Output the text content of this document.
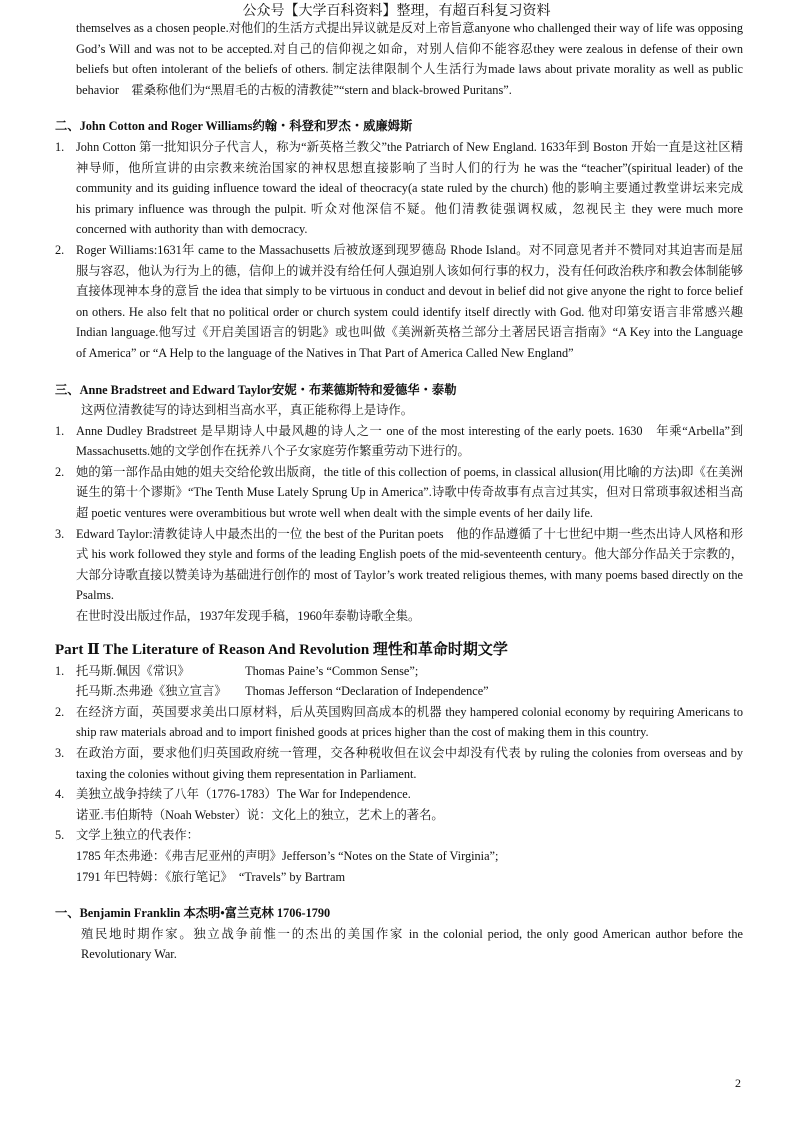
公众号【大学百科资料】整理，有超百科复习资料

themselves as a chosen people.对他们的生活方式提出异议就是反对上帝旨意anyone who challenged their way of life was opposing God’s Will and was not to be accepted.对自己的信仰视之如命，对别人信仰不能容忍they were zealous in defense of their own beliefs but often intolerant of the beliefs of others. 制定法律限制个人生活行为made laws about private morality as well as public behavior　霍桑称他们为“黑眉毛的古板的清教徒”“stern and black-browed Puritans”.

二、John Cotton and Roger Williams约翰・科登和罗杰・威廉姆斯

1. John Cotton 第一批知识分子代言人，称为“新英格兰教父”the Patriarch of New England. 1633年到 Boston 开始一直是这社区精神导师，他所宣讲的由宗教来统治国家的神权思想直接影响了当时人们的行为 he was the “teacher”(spiritual leader) of the community and its guiding influence toward the ideal of theocracy(a state ruled by the church) 他的影响主要通过教堂讲坛来完成 his primary influence was through the pulpit. 听众对他深信不疑。他们清教徒强调权威，忽视民主 they were much more concerned with authority than with democracy.
2. Roger Williams:1631年 came to the Massachusetts 后被放逐到现罗德岛 Rhode Island。对不同意见者并不赞同对其迫害而是屈服与容忍，他认为行为上的德，信仰上的诚并没有给任何人强迫别人该如何行事的权力，没有任何政治秩序和教会体制能够直接体现神本身的意旨 the idea that simply to be virtuous in conduct and devout in belief did not give anyone the right to force belief on others. He also felt that no political order or church system could identify itself directly with God. 他对印第安语言非常感兴趣 Indian language.他写过《开启美国语言的钥匙》或也叫做《美洲新英格兰部分土著居民语言指南》“A Key into the Language of America” or “A Help to the language of the Natives in That Part of America Called New England”

三、Anne Bradstreet and Edward Taylor安妮・布莱德斯特和爱德华・泰勒

这两位清教徒写的诗达到相当高水平，真正能称得上是诗作。

1. Anne Dudley Bradstreet 是早期诗人中最风趣的诗人之一 one of the most interesting of the early poets. 1630　年乘“Arbella”到 Massachusetts.她的文学创作在抚养八个子女家庭劳作繁重劳动下进行的。
2. 她的第一部作品由她的姐夫交给伦敦出版商，the title of this collection of poems, in classical allusion(用比喻的方法)即《在美洲诞生的第十个谬斯》“The Tenth Muse Lately Sprung Up in America”.诗歌中传奇故事有点言过其实，但对日常琐事叙述相当高超 poetic ventures were overambitious but wrote well when dealt with the simple events of her daily life.
3. Edward Taylor:清教徒诗人中最杰出的一位 the best of the Puritan poets　他的作品遵循了十七世纪中期一些杰出诗人风格和形式 his work followed they style and forms of the leading English poets of the mid-seventeenth century。他大部分作品关于宗教的，大部分诗歌直接以赞美诗为基础进行创作的 most of Taylor’s work treated religious themes, with many poems based directly on the Psalms.

在世时没出版过作品，1937年发现手稿，1960年泰勒诗歌全集。

Part Ⅱ The Literature of Reason And Revolution 理性和革命时期文学

1. 托马斯.佩因《常识》　　　　　Thomas Paine’s “Common Sense”;
托马斯.杰弗逊《独立宣言》　　Thomas Jefferson “Declaration of Independence”
2. 在经济方面，英国要求美出口原材料，后从英国购回高成本的机器 they hampered colonial economy by requiring Americans to ship raw materials abroad and to import finished goods at prices higher than the cost of making them in this country.
3. 在政治方面，要求他们归英国政府统一管理，交各种税收但在议会中却没有代表 by ruling the colonies from overseas and by taxing the colonies without giving them representation in Parliament.
4. 美独立战争持续了八年（1776-1783）The War for Independence.
诺亚.韦伯斯特（Noah Webster）说：文化上的独立，艺术上的著名。
5. 文学上独立的代表作：
1785 年杰弗逊：《弗吉尼亚州的声明》Jefferson’s “Notes on the State of Virginia”;
1791 年巴特姆：《旅行笔记》　“Travels” by Bartram

一、Benjamin Franklin 本杰明•富兰克林 1706-1790

殖民地时期作家。独立战争前惟一的杰出的美国作家 in the colonial period, the only good American author before the Revolutionary War.

2
